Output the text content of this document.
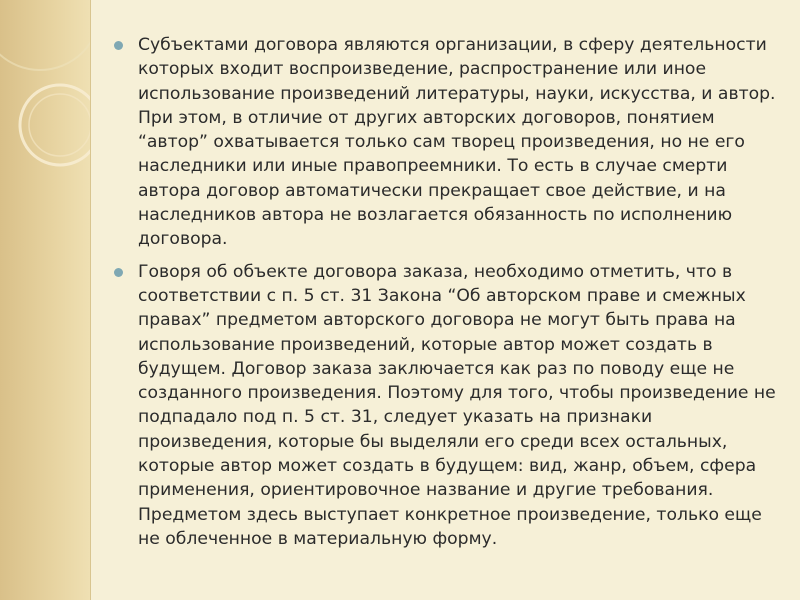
Субъектами договора являются организации, в сферу деятельности которых входит воспроизведение, распространение или иное использование произведений литературы, науки, искусства, и автор. При этом, в отличие от других авторских договоров, понятием “автор” охватывается только сам творец произведения, но не его наследники или иные правопреемники. То есть в случае смерти автора договор автоматически прекращает свое действие, и на наследников автора не возлагается обязанность по исполнению договора.
Говоря об объекте договора заказа, необходимо отметить, что в соответствии с п. 5 ст. 31 Закона “Об авторском праве и смежных правах” предметом авторского договора не могут быть права на использование произведений, которые автор может создать в будущем. Договор заказа заключается как раз по поводу еще не созданного произведения. Поэтому для того, чтобы произведение не подпадало под п. 5 ст. 31, следует указать на признаки произведения, которые бы выделяли его среди всех остальных, которые автор может создать в будущем: вид, жанр, объем, сфера применения, ориентировочное название и другие требования. Предметом здесь выступает конкретное произведение, только еще не облеченное в материальную форму.
